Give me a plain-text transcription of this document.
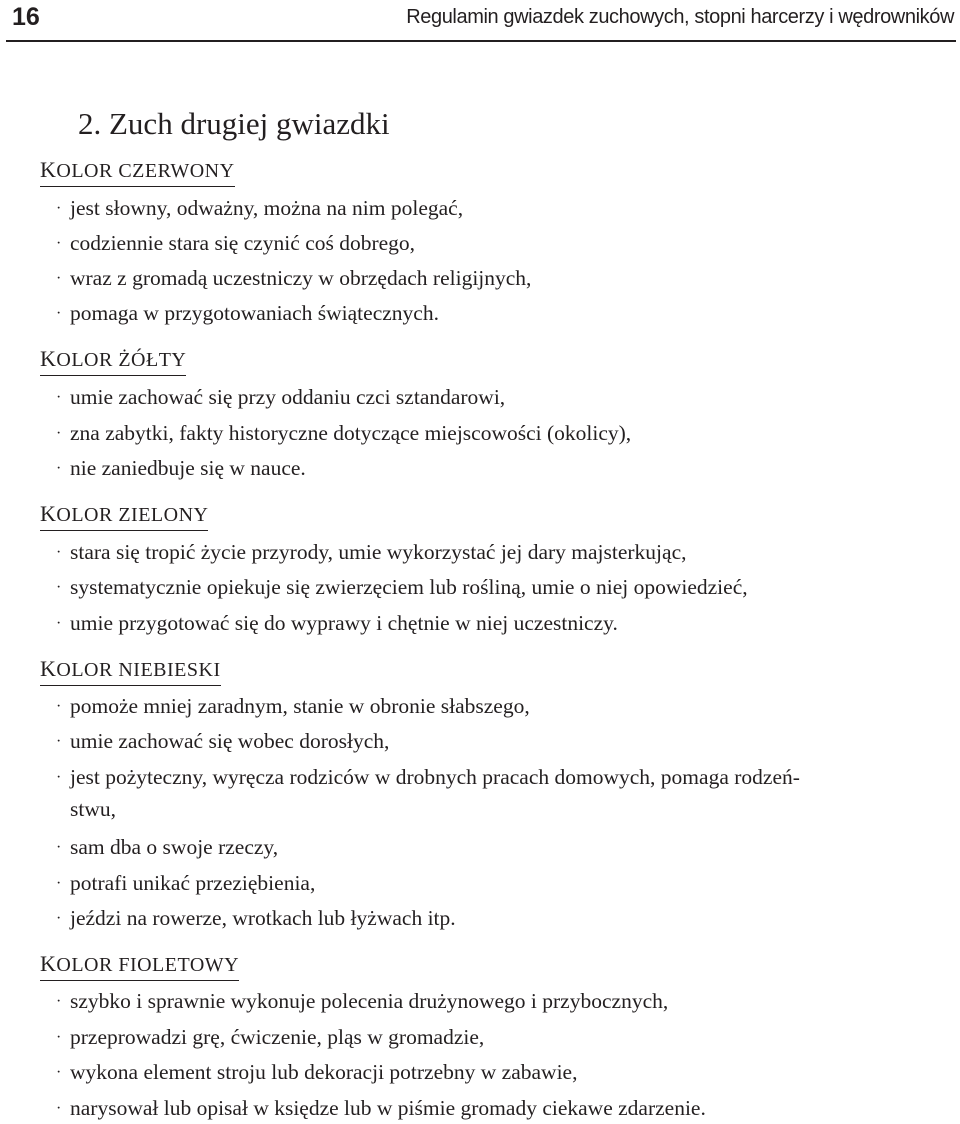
16	Regulamin gwiazdek zuchowych, stopni harcerzy i wędrowników
2. Zuch drugiej gwiazdki
KOLOR CZERWONY
· jest słowny, odważny, można na nim polegać,
· codziennie stara się czynić coś dobrego,
· wraz z gromadą uczestniczy w obrzędach religijnych,
· pomaga w przygotowaniach świątecznych.
KOLOR ŻÓŁTY
· umie zachować się przy oddaniu czci sztandarowi,
· zna zabytki, fakty historyczne dotyczące miejscowości (okolicy),
· nie zaniedbuje się w nauce.
KOLOR ZIELONY
· stara się tropić życie przyrody, umie wykorzystać jej dary majsterkując,
· systematycznie opiekuje się zwierzęciem lub rośliną, umie o niej opowiedzieć,
· umie przygotować się do wyprawy i chętnie w niej uczestniczy.
KOLOR NIEBIESKI
· pomoże mniej zaradnym, stanie w obronie słabszego,
· umie zachować się wobec dorosłych,
· jest pożyteczny, wyręcza rodziców w drobnych pracach domowych, pomaga rodzeń-
stwu,
· sam dba o swoje rzeczy,
· potrafi unikać przeziębienia,
· jeździ na rowerze, wrotkach lub łyżwach itp.
KOLOR FIOLETOWY
· szybko i sprawnie wykonuje polecenia drużynowego i przybocznych,
· przeprowadzi grę, ćwiczenie, pląs w gromadzie,
· wykona element stroju lub dekoracji potrzebny w zabawie,
· narysował lub opisał w księdze lub w piśmie gromady ciekawe zdarzenie.
